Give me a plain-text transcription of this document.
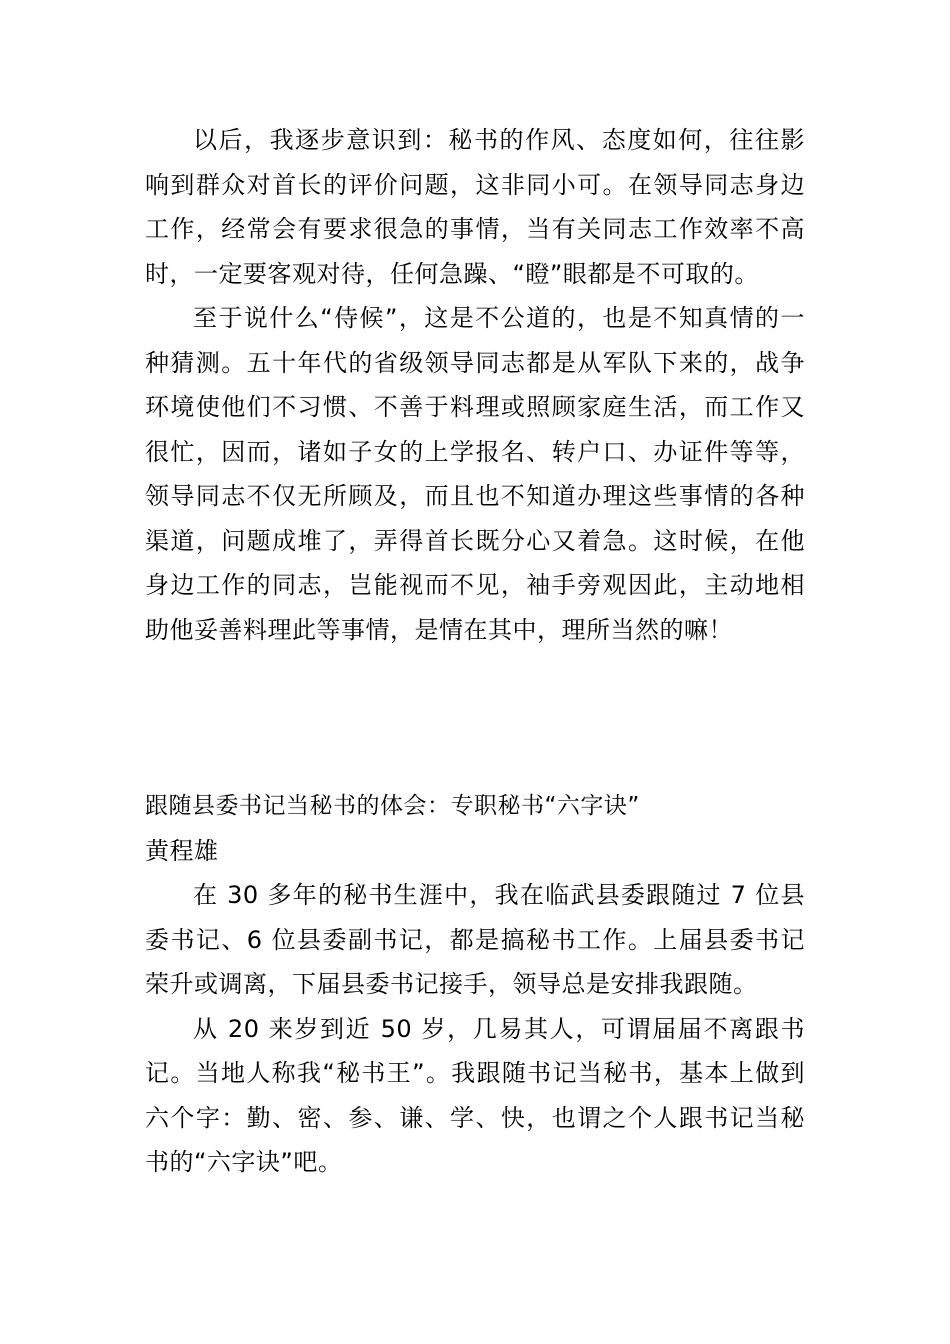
以后，我逐步意识到：秘书的作风、态度如何，往往影响到群众对首长的评价问题，这非同小可。在领导同志身边工作，经常会有要求很急的事情，当有关同志工作效率不高时，一定要客观对待，任何急躁、“瞪”眼都是不可取的。

至于说什么“侍候”，这是不公道的，也是不知真情的一种猜测。五十年代的省级领导同志都是从军队下来的，战争环境使他们不习惯、不善于料理或照顾家庭生活，而工作又很忙，因而，诸如子女的上学报名、转户口、办证件等等，领导同志不仅无所顾及，而且也不知道办理这些事情的各种渠道，问题成堆了，弄得首长既分心又着急。这时候，在他身边工作的同志，岂能视而不见，袖手旁观因此，主动地相助他妥善料理此等事情，是情在其中，理所当然的嘛！

跟随县委书记当秘书的体会：专职秘书“六字诀”

黄程雄

在 30 多年的秘书生涯中，我在临武县委跟随过 7 位县委书记、6 位县委副书记，都是搞秘书工作。上届县委书记荣升或调离，下届县委书记接手，领导总是安排我跟随。

从 20 来岁到近 50 岁，几易其人，可谓届届不离跟书记。当地人称我“秘书王”。我跟随书记当秘书，基本上做到六个字：勤、密、参、谦、学、快，也谓之个人跟书记当秘书的“六字诀”吧。
